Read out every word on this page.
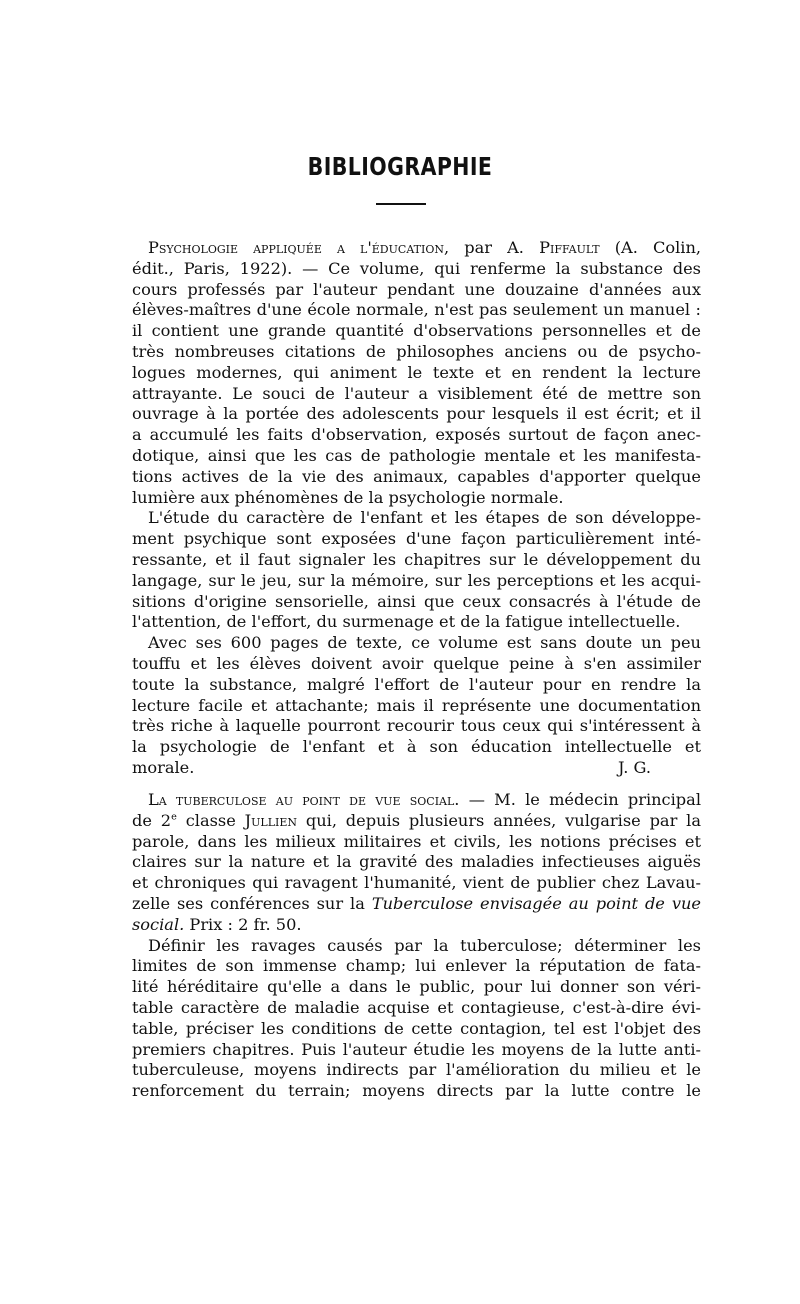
BIBLIOGRAPHIE
Psychologie appliquée a l'éducation, par A. Piffault (A. Colin,
édit., Paris, 1922). — Ce volume, qui renferme la substance des
cours professés par l'auteur pendant une douzaine d'années aux
élèves-maîtres d'une école normale, n'est pas seulement un manuel :
il contient une grande quantité d'observations personnelles et de
très nombreuses citations de philosophes anciens ou de psycho-
logues modernes, qui animent le texte et en rendent la lecture
attrayante. Le souci de l'auteur a visiblement été de mettre son
ouvrage à la portée des adolescents pour lesquels il est écrit; et il
a accumulé les faits d'observation, exposés surtout de façon anec-
dotique, ainsi que les cas de pathologie mentale et les manifesta-
tions actives de la vie des animaux, capables d'apporter quelque
lumière aux phénomènes de la psychologie normale.
L'étude du caractère de l'enfant et les étapes de son développe-
ment psychique sont exposées d'une façon particulièrement inté-
ressante, et il faut signaler les chapitres sur le développement du
langage, sur le jeu, sur la mémoire, sur les perceptions et les acqui-
sitions d'origine sensorielle, ainsi que ceux consacrés à l'étude de
l'attention, de l'effort, du surmenage et de la fatigue intellectuelle.
Avec ses 600 pages de texte, ce volume est sans doute un peu
touffu et les élèves doivent avoir quelque peine à s'en assimiler
toute la substance, malgré l'effort de l'auteur pour en rendre la
lecture facile et attachante; mais il représente une documentation
très riche à laquelle pourront recourir tous ceux qui s'intéressent à
la psychologie de l'enfant et à son éducation intellectuelle et
morale.	J. G.
La tuberculose au point de vue social. — M. le médecin principal
de 2e classe Jullien qui, depuis plusieurs années, vulgarise par la
parole, dans les milieux militaires et civils, les notions précises et
claires sur la nature et la gravité des maladies infectieuses aiguës
et chroniques qui ravagent l'humanité, vient de publier chez Lavau-
zelle ses conférences sur la Tuberculose envisagée au point de vue
social. Prix : 2 fr. 50.
Définir les ravages causés par la tuberculose; déterminer les
limites de son immense champ; lui enlever la réputation de fata-
lité héréditaire qu'elle a dans le public, pour lui donner son véri-
table caractère de maladie acquise et contagieuse, c'est-à-dire évi-
table, préciser les conditions de cette contagion, tel est l'objet des
premiers chapitres. Puis l'auteur étudie les moyens de la lutte anti-
tuberculeuse, moyens indirects par l'amélioration du milieu et le
renforcement du terrain; moyens directs par la lutte contre le
